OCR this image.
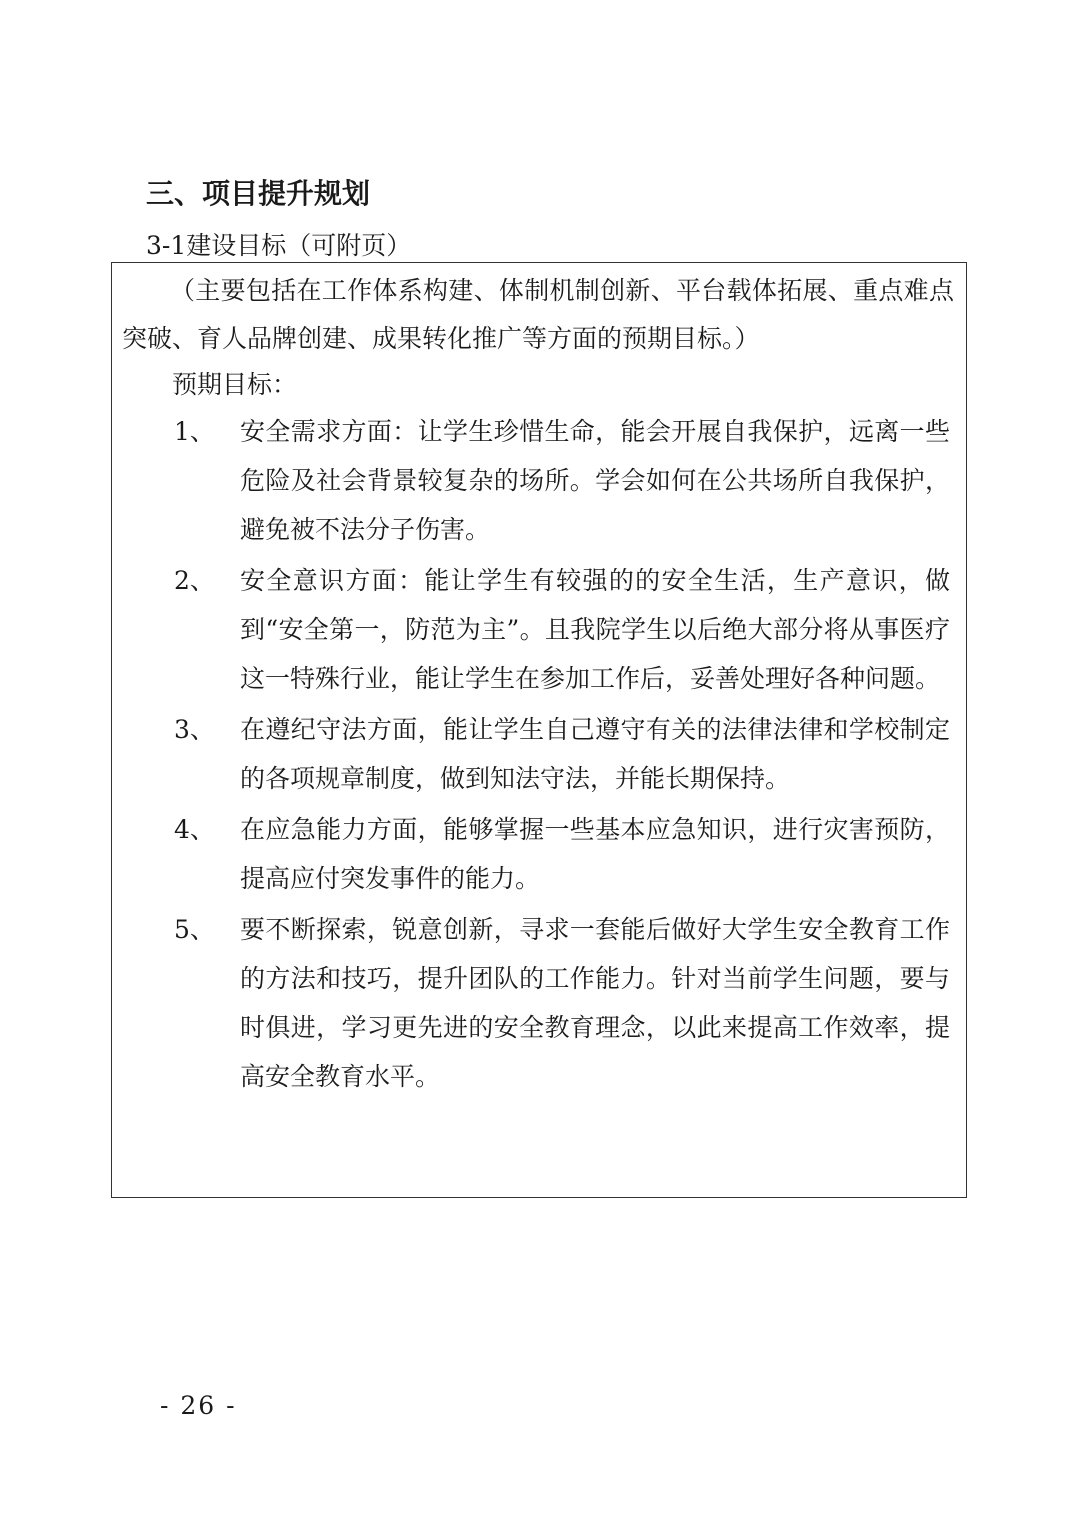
三、项目提升规划
3-1建设目标（可附页）
（主要包括在工作体系构建、体制机制创新、平台载体拓展、重点难点突破、育人品牌创建、成果转化推广等方面的预期目标。）
预期目标：
1、 安全需求方面：让学生珍惜生命，能会开展自我保护，远离一些危险及社会背景较复杂的场所。学会如何在公共场所自我保护，避免被不法分子伤害。
2、 安全意识方面：能让学生有较强的的安全生活，生产意识，做到“安全第一，防范为主”。且我院学生以后绝大部分将从事医疗这一特殊行业，能让学生在参加工作后，妥善处理好各种问题。
3、 在遵纪守法方面，能让学生自己遵守有关的法律法律和学校制定的各项规章制度，做到知法守法，并能长期保持。
4、 在应急能力方面，能够掌握一些基本应急知识，进行灾害预防，提高应付突发事件的能力。
5、 要不断探索，锐意创新，寻求一套能后做好大学生安全教育工作的方法和技巧，提升团队的工作能力。针对当前学生问题，要与时俱进，学习更先进的安全教育理念，以此来提高工作效率，提高安全教育水平。
- 26 -
